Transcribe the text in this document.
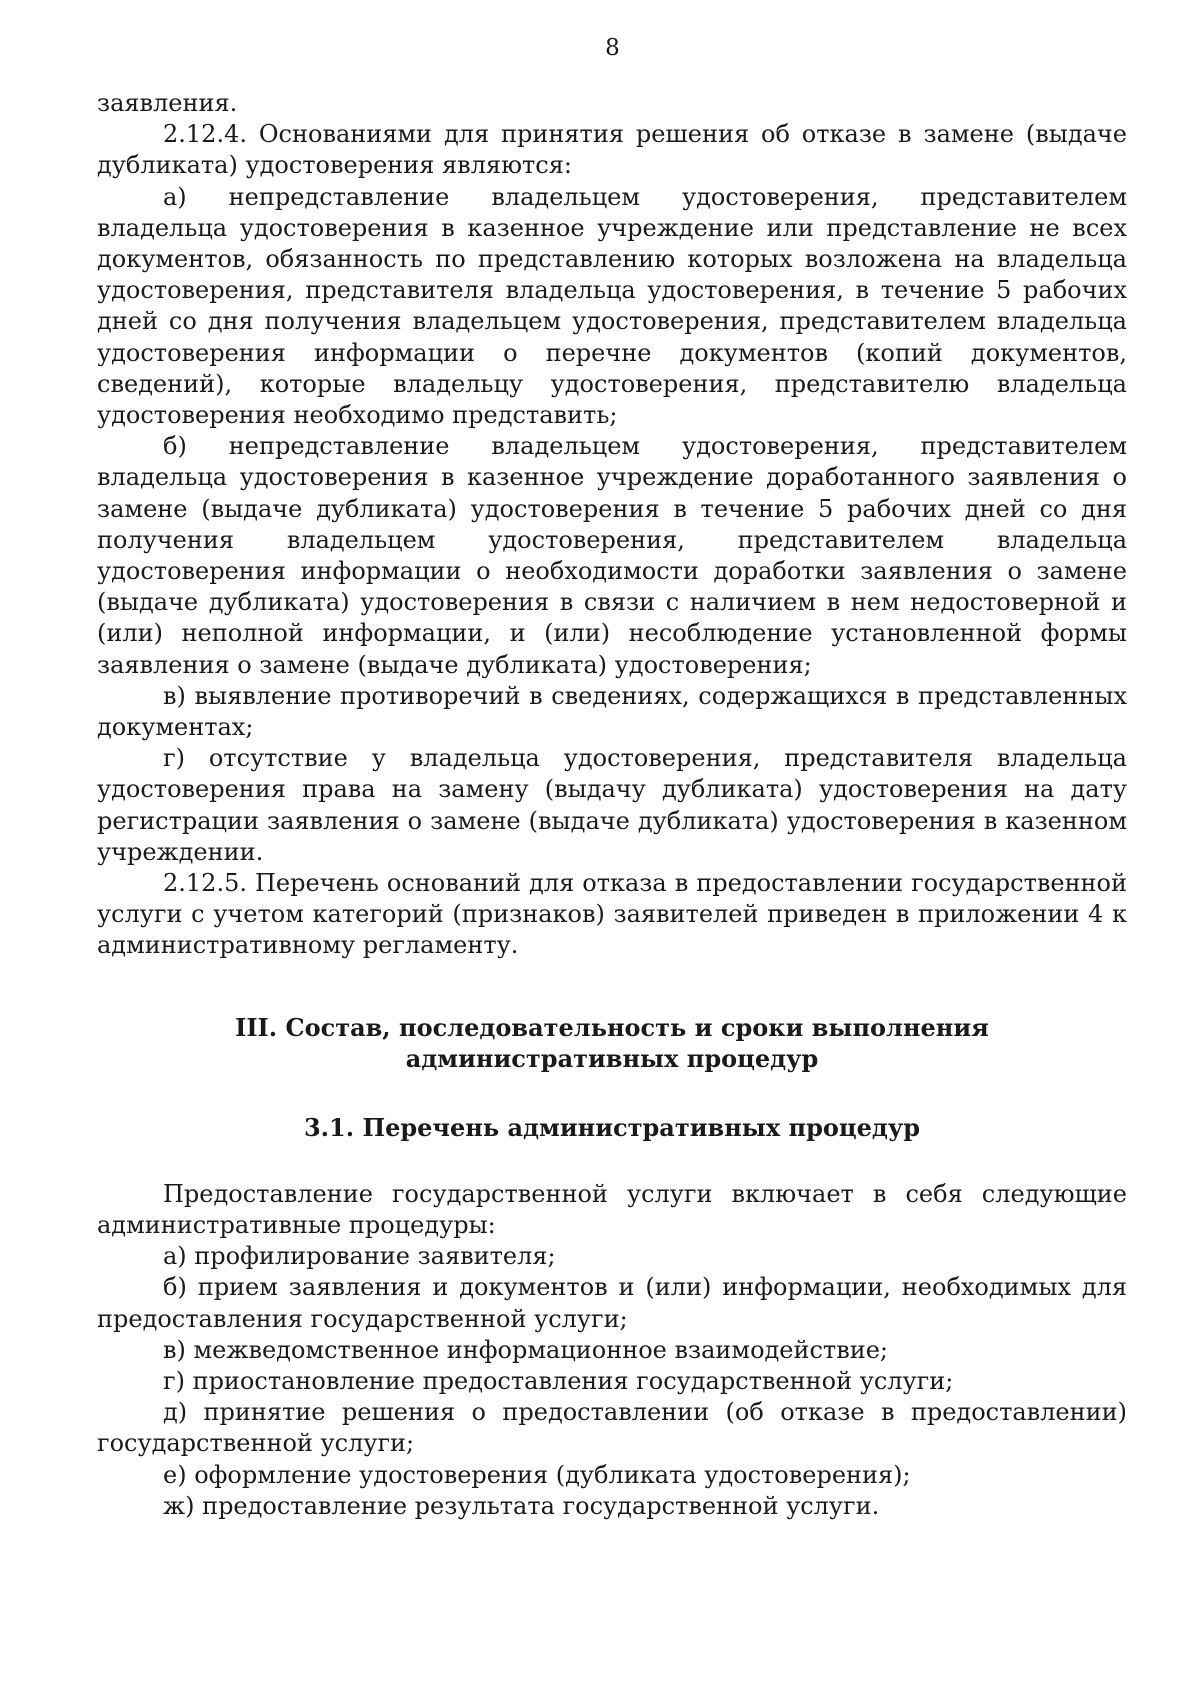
8

заявления.

2.12.4. Основаниями для принятия решения об отказе в замене (выдаче дубликата) удостоверения являются:

а) непредставление владельцем удостоверения, представителем владельца удостоверения в казенное учреждение или представление не всех документов, обязанность по представлению которых возложена на владельца удостоверения, представителя владельца удостоверения, в течение 5 рабочих дней со дня получения владельцем удостоверения, представителем владельца удостоверения информации о перечне документов (копий документов, сведений), которые владельцу удостоверения, представителю владельца удостоверения необходимо представить;

б) непредставление владельцем удостоверения, представителем владельца удостоверения в казенное учреждение доработанного заявления о замене (выдаче дубликата) удостоверения в течение 5 рабочих дней со дня получения владельцем удостоверения, представителем владельца удостоверения информации о необходимости доработки заявления о замене (выдаче дубликата) удостоверения в связи с наличием в нем недостоверной и (или) неполной информации, и (или) несоблюдение установленной формы заявления о замене (выдаче дубликата) удостоверения;

в) выявление противоречий в сведениях, содержащихся в представленных документах;

г) отсутствие у владельца удостоверения, представителя владельца удостоверения права на замену (выдачу дубликата) удостоверения на дату регистрации заявления о замене (выдаче дубликата) удостоверения в казенном учреждении.

2.12.5. Перечень оснований для отказа в предоставлении государственной услуги с учетом категорий (признаков) заявителей приведен в приложении 4 к административному регламенту.

III. Состав, последовательность и сроки выполнения
административных процедур
3.1. Перечень административных процедур

Предоставление государственной услуги включает в себя следующие административные процедуры:

а) профилирование заявителя;

б) прием заявления и документов и (или) информации, необходимых для предоставления государственной услуги;

в) межведомственное информационное взаимодействие;

г) приостановление предоставления государственной услуги;

д) принятие решения о предоставлении (об отказе в предоставлении) государственной услуги;

е) оформление удостоверения (дубликата удостоверения);

ж) предоставление результата государственной услуги.
